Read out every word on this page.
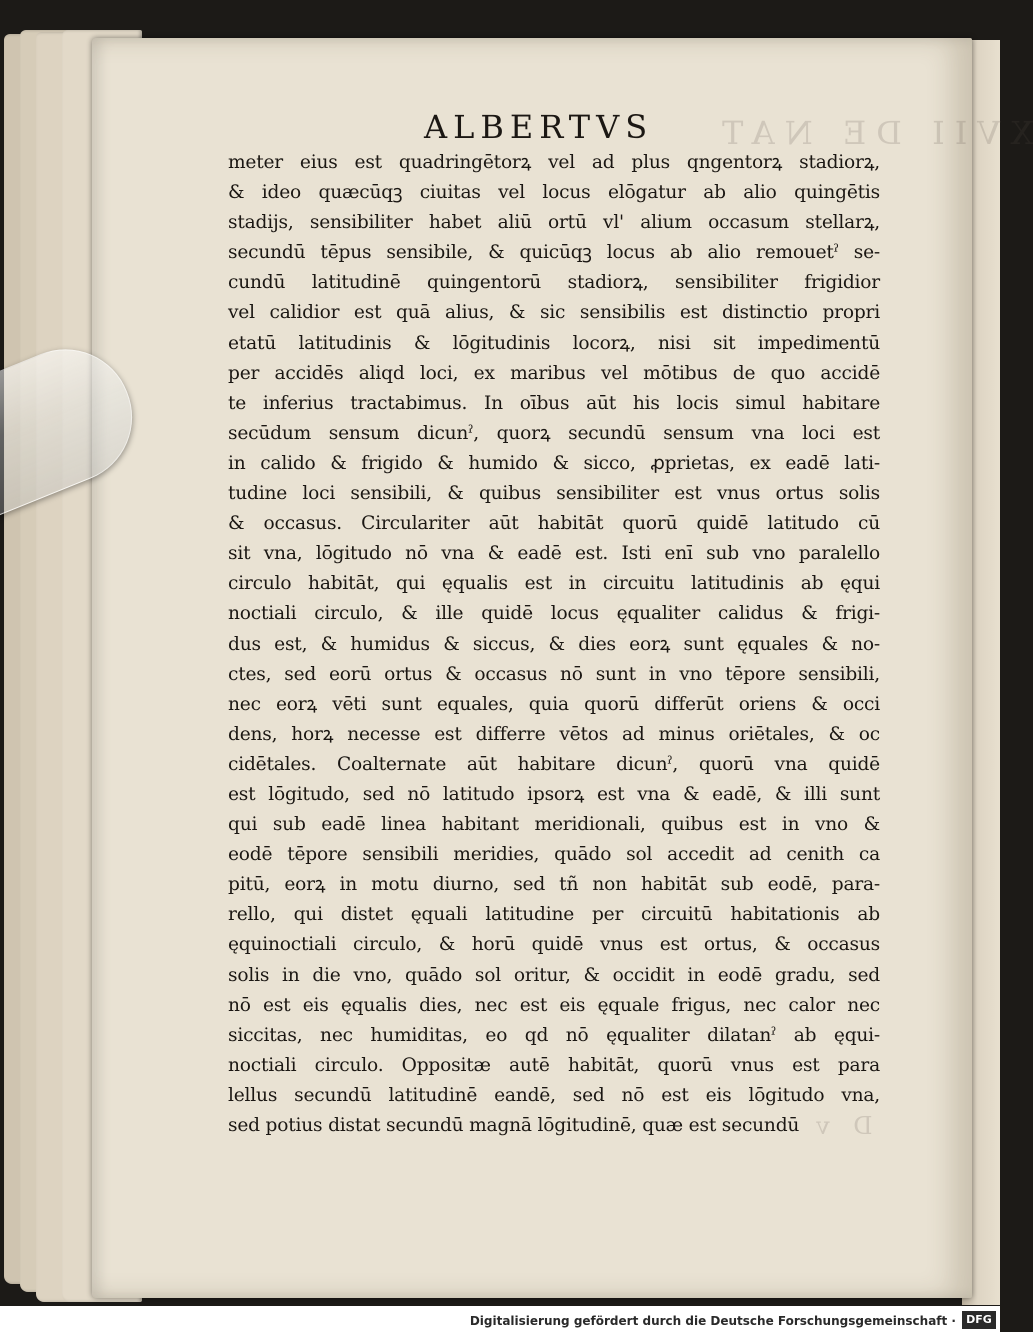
XVII DE NAT
D v
ALBERTVS
meter eius est quadringētorꝝ vel ad plus qngentorꝝ stadiorꝝ,
& ideo quæcūqꝫ ciuitas vel locus elōgatur ab alio quingētis
stadijs, sensibiliter habet aliū ortū vl' alium occasum stellarꝝ,
secundū tēpus sensibile, & quicūqꝫ locus ab alio remouetˀ se-
cundū latitudinē quingentorū stadiorꝝ, sensibiliter frigidior
vel calidior est quā alius, & sic sensibilis est distinctio propri
etatū latitudinis & lōgitudinis locorꝝ, nisi sit impedimentū
per accidēs aliqd loci, ex maribus vel mōtibus de quo accidē
te inferius tractabimus. In oībus aūt his locis simul habitare
secūdum sensum dicunˀ, quorꝝ secundū sensum vna loci est
in calido & frigido & humido & sicco, ꝓprietas, ex eadē lati-
tudine loci sensibili, & quibus sensibiliter est vnus ortus solis
& occasus. Circulariter aūt habitāt quorū quidē latitudo cū
sit vna, lōgitudo nō vna & eadē est. Isti enī sub vno paralello
circulo habitāt, qui ęqualis est in circuitu latitudinis ab ęqui
noctiali circulo, & ille quidē locus ęqualiter calidus & frigi-
dus est, & humidus & siccus, & dies eorꝝ sunt ęquales & no-
ctes, sed eorū ortus & occasus nō sunt in vno tēpore sensibili,
nec eorꝝ vēti sunt equales, quia quorū differūt oriens & occi
dens, horꝝ necesse est differre vētos ad minus oriētales, & oc
cidētales. Coalternate aūt habitare dicunˀ, quorū vna quidē
est lōgitudo, sed nō latitudo ipsorꝝ est vna & eadē, & illi sunt
qui sub eadē linea habitant meridionali, quibus est in vno &
eodē tēpore sensibili meridies, quādo sol accedit ad cenith ca
pitū, eorꝝ in motu diurno, sed tñ non habitāt sub eodē, para-
rello, qui distet ęquali latitudine per circuitū habitationis ab
ęquinoctiali circulo, & horū quidē vnus est ortus, & occasus
solis in die vno, quādo sol oritur, & occidit in eodē gradu, sed
nō est eis ęqualis dies, nec est eis ęquale frigus, nec calor nec
siccitas, nec humiditas, eo qd nō ęqualiter dilatanˀ ab ęqui-
noctiali circulo. Oppositæ autē habitāt, quorū vnus est para
lellus secundū latitudinē eandē, sed nō est eis lōgitudo vna,
sed potius distat secundū magnā lōgitudinē, quæ est secundū
Digitalisierung gefördert durch die Deutsche Forschungsgemeinschaft · DFG
